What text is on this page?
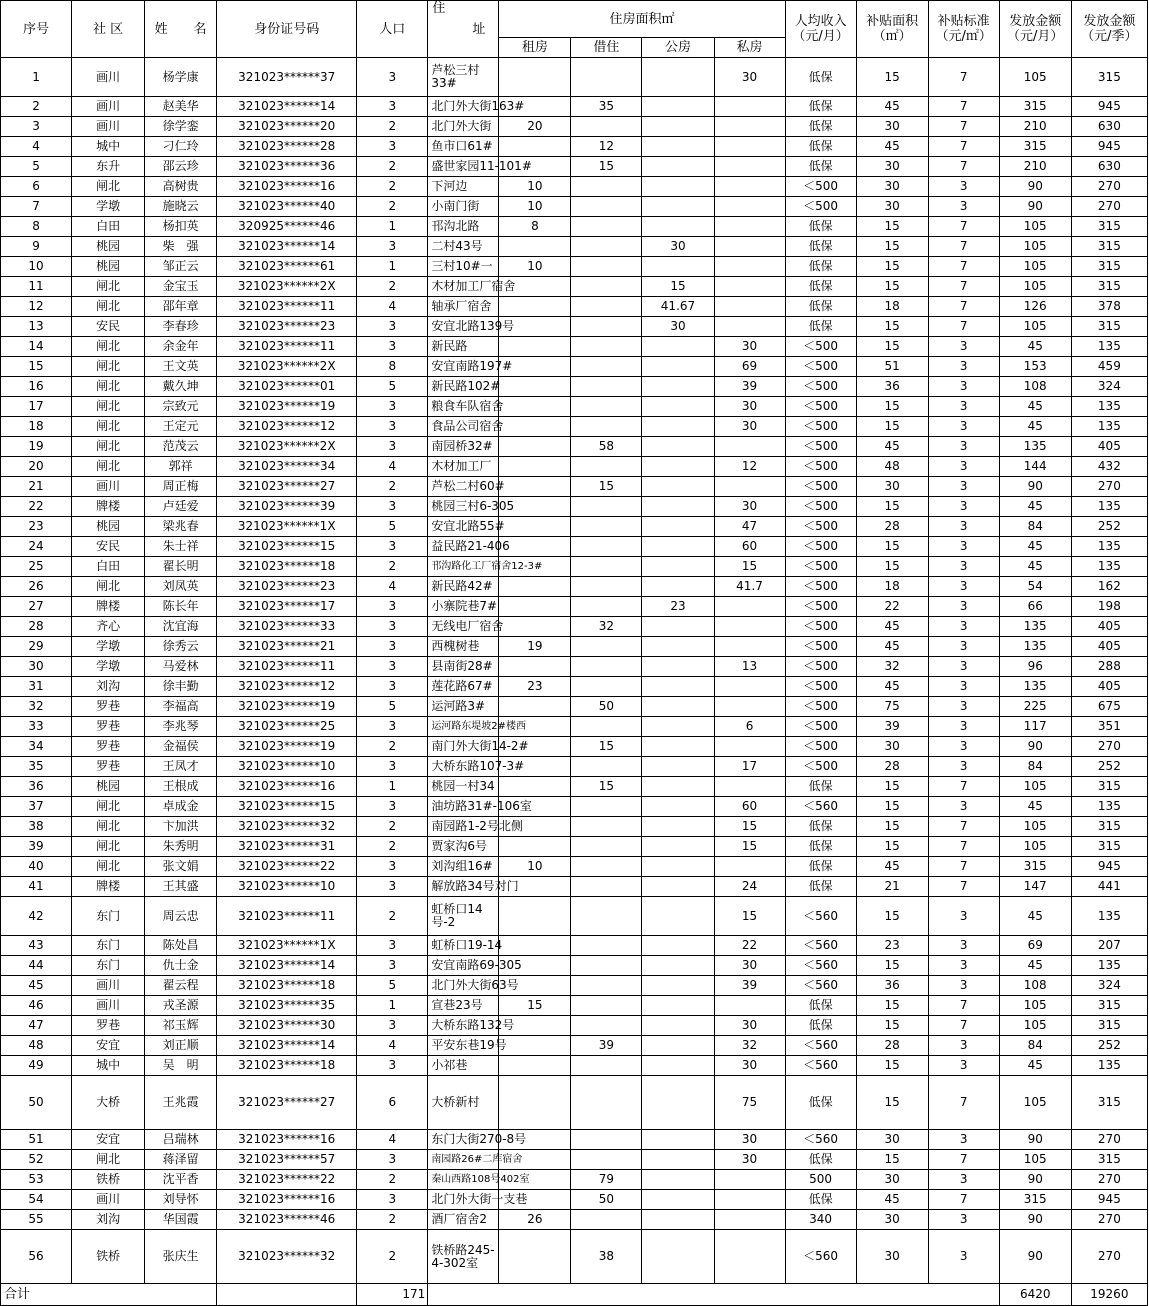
序号	社 区	姓　　名	身份证号码	人口	住
址	住房面积㎡				人均收入（元/月）	补贴面积（㎡）	补贴标准（元/㎡）	发放金额（元/月）	发放金额（元/季）
						租房	借住	公房	私房					
1	画川	杨学康	321023******37	3	芦松三村33#				30	低保	15	7	105	315
2	画川	赵美华	321023******14	3	北门外大街163#		35			低保	45	7	315	945
3	画川	徐学銮	321023******20	2	北门外大街	20				低保	30	7	210	630
4	城中	刁仁玲	321023******28	3	鱼市口61#		12			低保	45	7	315	945
5	东升	邵云珍	321023******36	2	盛世家园11-101#		15			低保	30	7	210	630
6	闸北	高树贵	321023******16	2	下河边	10				＜500	30	3	90	270
7	学墩	施晓云	321023******40	2	小南门街	10				＜500	30	3	90	270
8	白田	杨扣英	320925******46	1	邗沟北路	8				低保	15	7	105	315
9	桃园	柴　强	321023******14	3	二村43号			30		低保	15	7	105	315
10	桃园	邹正云	321023******61	1	三村10#一	10				低保	15	7	105	315
11	闸北	金宝玉	321023******2X	2	木材加工厂宿舍			15		低保	15	7	105	315
12	闸北	邵年章	321023******11	4	轴承厂宿舍			41.67		低保	18	7	126	378
13	安民	李春珍	321023******23	3	安宜北路139号			30		低保	15	7	105	315
14	闸北	余金年	321023******11	3	新民路				30	＜500	15	3	45	135
15	闸北	王文英	321023******2X	8	安宜南路197#				69	＜500	51	3	153	459
16	闸北	戴久坤	321023******01	5	新民路102#				39	＜500	36	3	108	324
17	闸北	宗致元	321023******19	3	粮食车队宿舍				30	＜500	15	3	45	135
18	闸北	王定元	321023******12	3	食品公司宿舍				30	＜500	15	3	45	135
19	闸北	范茂云	321023******2X	3	南园桥32#		58			＜500	45	3	135	405
20	闸北	郭祥	321023******34	4	木材加工厂				12	＜500	48	3	144	432
21	画川	周正梅	321023******27	2	芦松二村60#		15			＜500	30	3	90	270
22	牌楼	卢廷爱	321023******39	3	桃园三村6-305				30	＜500	15	3	45	135
23	桃园	梁兆春	321023******1X	5	安宜北路55#				47	＜500	28	3	84	252
24	安民	朱士祥	321023******15	3	益民路21-406				60	＜500	15	3	45	135
25	白田	翟长明	321023******18	2	邗沟路化工厂宿舍12-3#				15	＜500	15	3	45	135
26	闸北	刘凤英	321023******23	4	新民路42#				41.7	＜500	18	3	54	162
27	牌楼	陈长年	321023******17	3	小寨院巷7#			23		＜500	22	3	66	198
28	齐心	沈宜海	321023******33	3	无线电厂宿舍		32			＜500	45	3	135	405
29	学墩	徐秀云	321023******21	3	西槐树巷	19				＜500	45	3	135	405
30	学墩	马爱林	321023******11	3	县南街28#				13	＜500	32	3	96	288
31	刘沟	徐丰勤	321023******12	3	莲花路67#	23				＜500	45	3	135	405
32	罗巷	李福高	321023******19	5	运河路3#		50			＜500	75	3	225	675
33	罗巷	李兆琴	321023******25	3	运河路东堤坡2#楼西				6	＜500	39	3	117	351
34	罗巷	金福侯	321023******19	2	南门外大街14-2#		15			＜500	30	3	90	270
35	罗巷	王凤才	321023******10	3	大桥东路107-3#				17	＜500	28	3	84	252
36	桃园	王根成	321023******16	1	桃园一村34		15			低保	15	7	105	315
37	闸北	卓成金	321023******15	3	油坊路31#-106室				60	＜560	15	3	45	135
38	闸北	卞加洪	321023******32	2	南园路1-2号北侧				15	低保	15	7	105	315
39	闸北	朱秀明	321023******31	2	贾家沟6号				15	低保	15	7	105	315
40	闸北	张文娟	321023******22	3	刘沟组16#	10				低保	45	7	315	945
41	牌楼	王其盛	321023******10	3	解放路34号对门				24	低保	21	7	147	441
42	东门	周云忠	321023******11	2	虹桥口14号-2				15	＜560	15	3	45	135
43	东门	陈处昌	321023******1X	3	虹桥口19-14				22	＜560	23	3	69	207
44	东门	仇士金	321023******14	3	安宜南路69-305				30	＜560	15	3	45	135
45	画川	翟云程	321023******18	5	北门外大街63号				39	＜560	36	3	108	324
46	画川	戎圣源	321023******35	1	宣巷23号	15				低保	15	7	105	315
47	罗巷	祁玉辉	321023******30	3	大桥东路132号				30	低保	15	7	105	315
48	安宜	刘正顺	321023******14	4	平安东巷19号		39		32	＜560	28	3	84	252
49	城中	吴　明	321023******18	3	小祁巷				30	＜560	15	3	45	135
50	大桥	王兆霞	321023******27	6	大桥新村				75	低保	15	7	105	315
51	安宜	吕瑞林	321023******16	4	东门大街270-8号				30	＜560	30	3	90	270
52	闸北	蒋泽留	321023******57	3	南园路26#二库宿舍				30	低保	15	7	105	315
53	铁桥	沈平香	321023******22	2	秦山西路108号402室		79			500	30	3	90	270
54	画川	刘导怀	321023******16	3	北门外大街一支巷		50			低保	45	7	315	945
55	刘沟	华国霞	321023******46	2	酒厂宿舍2	26				340	30	3	90	270
56	铁桥	张庆生	321023******32	2	铁桥路245-4-302室		38			＜560	30	3	90	270
合计				171									6420	19260
